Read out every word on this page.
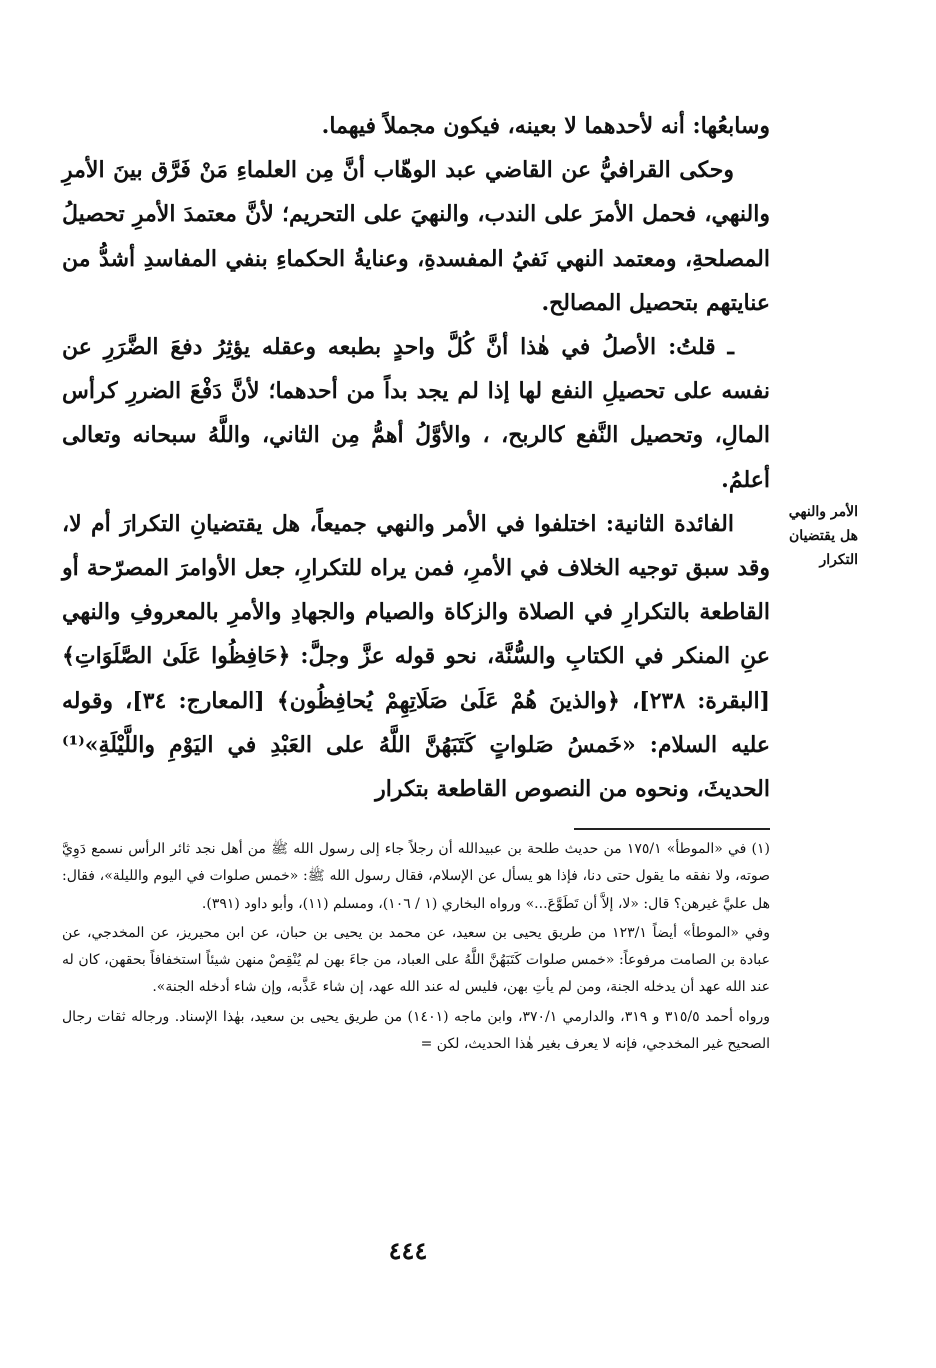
الأمر والنهي هل يقتضيان التكرار

وسابعُها: أنه لأحدهما لا بعينه، فيكون مجملاً فيهما.

وحكى القرافيُّ عن القاضي عبد الوهّاب أنَّ مِن العلماءِ مَنْ فَرَّق بينَ الأمرِ والنهي، فحمل الأمرَ على الندب، والنهيَ على التحريم؛ لأنَّ معتمدَ الأمرِ تحصيلُ المصلحةِ، ومعتمد النهي نَفيُ المفسدةِ، وعنايةُ الحكماءِ بنفي المفاسدِ أشدُّ من عنايتهم بتحصيل المصالح.

ـ قلتُ: الأصلُ في هٰذا أنَّ كُلَّ واحدٍ بطبعه وعقله يؤثِرُ دفعَ الضَّرَرِ عن نفسه على تحصيلِ النفع لها إذا لم يجد بداً من أحدهما؛ لأنَّ دَفْعَ الضررِ كرأس المالِ، وتحصيل النَّفع كالربح، ، والأوَّلُ أهمُّ مِن الثاني، واللَّهُ سبحانه وتعالى أعلمُ.

الفائدة الثانية: اختلفوا في الأمر والنهي جميعاً، هل يقتضيانِ التكرارَ أم لا، وقد سبق توجيه الخلاف في الأمرِ، فمن يراه للتكرارِ، جعل الأوامرَ المصرّحة أو القاطعة بالتكرارِ في الصلاة والزكاة والصيام والجهادِ والأمرِ بالمعروفِ والنهي عنِ المنكر في الكتابِ والسُّنَّة، نحو قوله عزَّ وجلَّ: ﴿حَافِظُوا عَلَىٰ الصَّلَوَاتِ﴾ [البقرة: ٢٣٨]، ﴿والذينَ هُمْ عَلَىٰ صَلَاتِهِمْ يُحافِظُون﴾ [المعارج: ٣٤]، وقوله عليه السلام: «خَمسُ صَلواتٍ كَتَبَهُنَّ اللَّهُ على العَبْدِ في اليَوْمِ واللَّيْلَةِ»⁽¹⁾ الحديثَ، ونحوه من النصوص القاطعة بتكرار

(١) في «الموطأ» ١٧٥/١ من حديث طلحة بن عبيدالله أن رجلاً جاء إلى رسول الله ﷺ من أهل نجد ثائر الرأس نسمع دَوِيَّ صوته، ولا نفقه ما يقول حتى دنا، فإذا هو يسأل عن الإسلام، فقال رسول الله ﷺ: «خمس صلوات في اليوم والليلة»، فقال: هل عليَّ غيرهن؟ قال: «لا، إلاَّ أن تَطَوَّعَ...» ورواه البخاري (١ / ١٠٦)، ومسلم (١١)، وأبو داود (٣٩١).

وفي «الموطأ» أيضاً ١٢٣/١ من طريق يحيى بن سعيد، عن محمد بن يحيى بن حبان، عن ابن محيريز، عن المخدجي، عن عبادة بن الصامت مرفوعاً: «خمس صلوات كَتَبَهُنَّ اللَّهُ على العباد، من جاءَ بهن لم يُنْقِصْ منهن شيئاً استخفافاً بحقهن، كان له عند الله عهد أن يدخله الجنة، ومن لم يأتِ بهن، فليس له عند الله عهد، إن شاء عَذَّبه، وإن شاء أدخله الجنة».

ورواه أحمد ٣١٥/٥ و ٣١٩، والدارمي ٣٧٠/١، وابن ماجه (١٤٠١) من طريق يحيى بن سعيد، بهٰذا الإسناد. ورجاله ثقات رجال الصحيح غير المخدجي، فإنه لا يعرف بغير هٰذا الحديث، لكن =

٤٤٤
